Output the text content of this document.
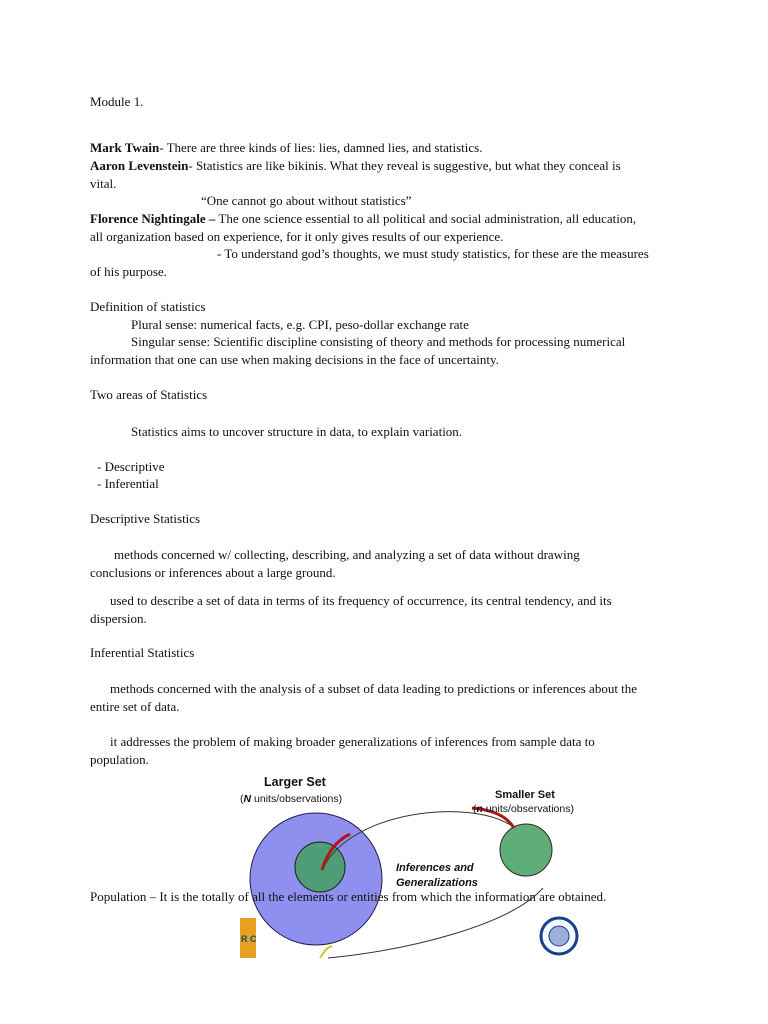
Module 1.
Mark Twain- There are three kinds of lies: lies, damned lies, and statistics.
Aaron Levenstein- Statistics are like bikinis. What they reveal is suggestive, but what they conceal is
vital.
“One cannot go about without statistics”
Florence Nightingale – The one science essential to all political and social administration, all education,
all organization based on experience, for it only gives results of our experience.
- To understand god’s thoughts, we must study statistics, for these are the measures
of his purpose.
Definition of statistics
Plural sense: numerical facts, e.g. CPI, peso-dollar exchange rate
Singular sense: Scientific discipline consisting of theory and methods for processing numerical
information that one can use when making decisions in the face of uncertainty.
Two areas of Statistics
Statistics aims to uncover structure in data, to explain variation.
- Descriptive
- Inferential
Descriptive Statistics
methods concerned w/ collecting, describing, and analyzing a set of data without drawing
conclusions or inferences about a large ground.
used to describe a set of data in terms of its frequency of occurrence, its central tendency, and its
dispersion.
Inferential Statistics
methods concerned with the analysis of a subset of data leading to predictions or inferences about the
entire set of data.
it addresses the problem of making broader generalizations of inferences from sample data to
population.
Larger Set
(N units/observations)	Smaller Set
(n units/observations)
Inferences and
Generalizations
R C
Population – It is the totally of all the elements or entities from which the information are obtained.
